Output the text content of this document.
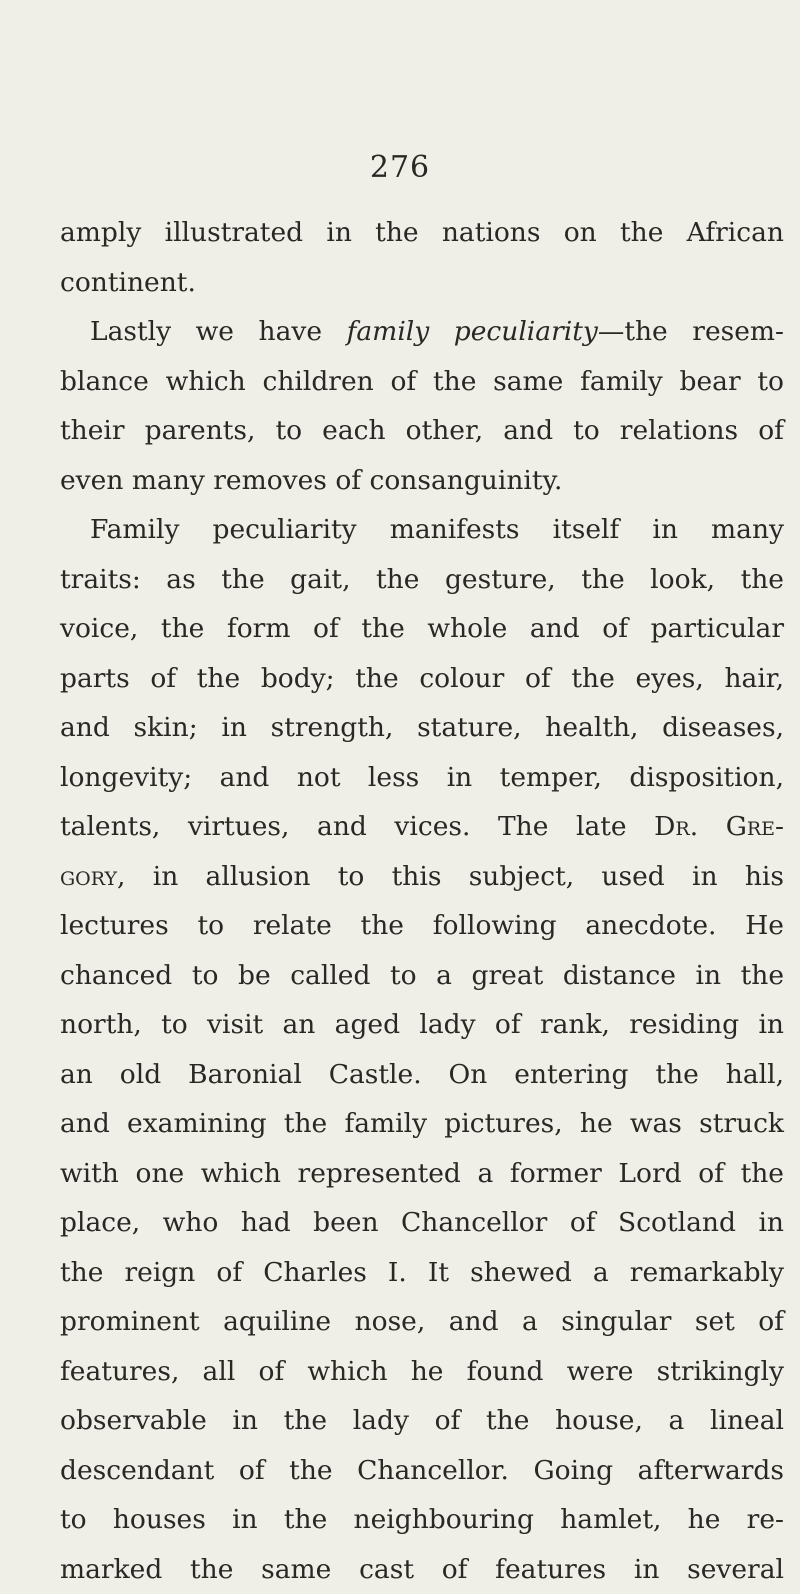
276
amply illustrated in the nations on the African
continent.
Lastly we have family peculiarity—the resem-
blance which children of the same family bear to
their parents, to each other, and to relations of
even many removes of consanguinity.
Family peculiarity manifests itself in many
traits: as the gait, the gesture, the look, the
voice, the form of the whole and of particular
parts of the body; the colour of the eyes, hair,
and skin; in strength, stature, health, diseases,
longevity; and not less in temper, disposition,
talents, virtues, and vices. The late Dr. Gre-
gory, in allusion to this subject, used in his
lectures to relate the following anecdote. He
chanced to be called to a great distance in the
north, to visit an aged lady of rank, residing in
an old Baronial Castle. On entering the hall,
and examining the family pictures, he was struck
with one which represented a former Lord of the
place, who had been Chancellor of Scotland in
the reign of Charles I. It shewed a remarkably
prominent aquiline nose, and a singular set of
features, all of which he found were strikingly
observable in the lady of the house, a lineal
descendant of the Chancellor. Going afterwards
to houses in the neighbouring hamlet, he re-
marked the same cast of features in several
